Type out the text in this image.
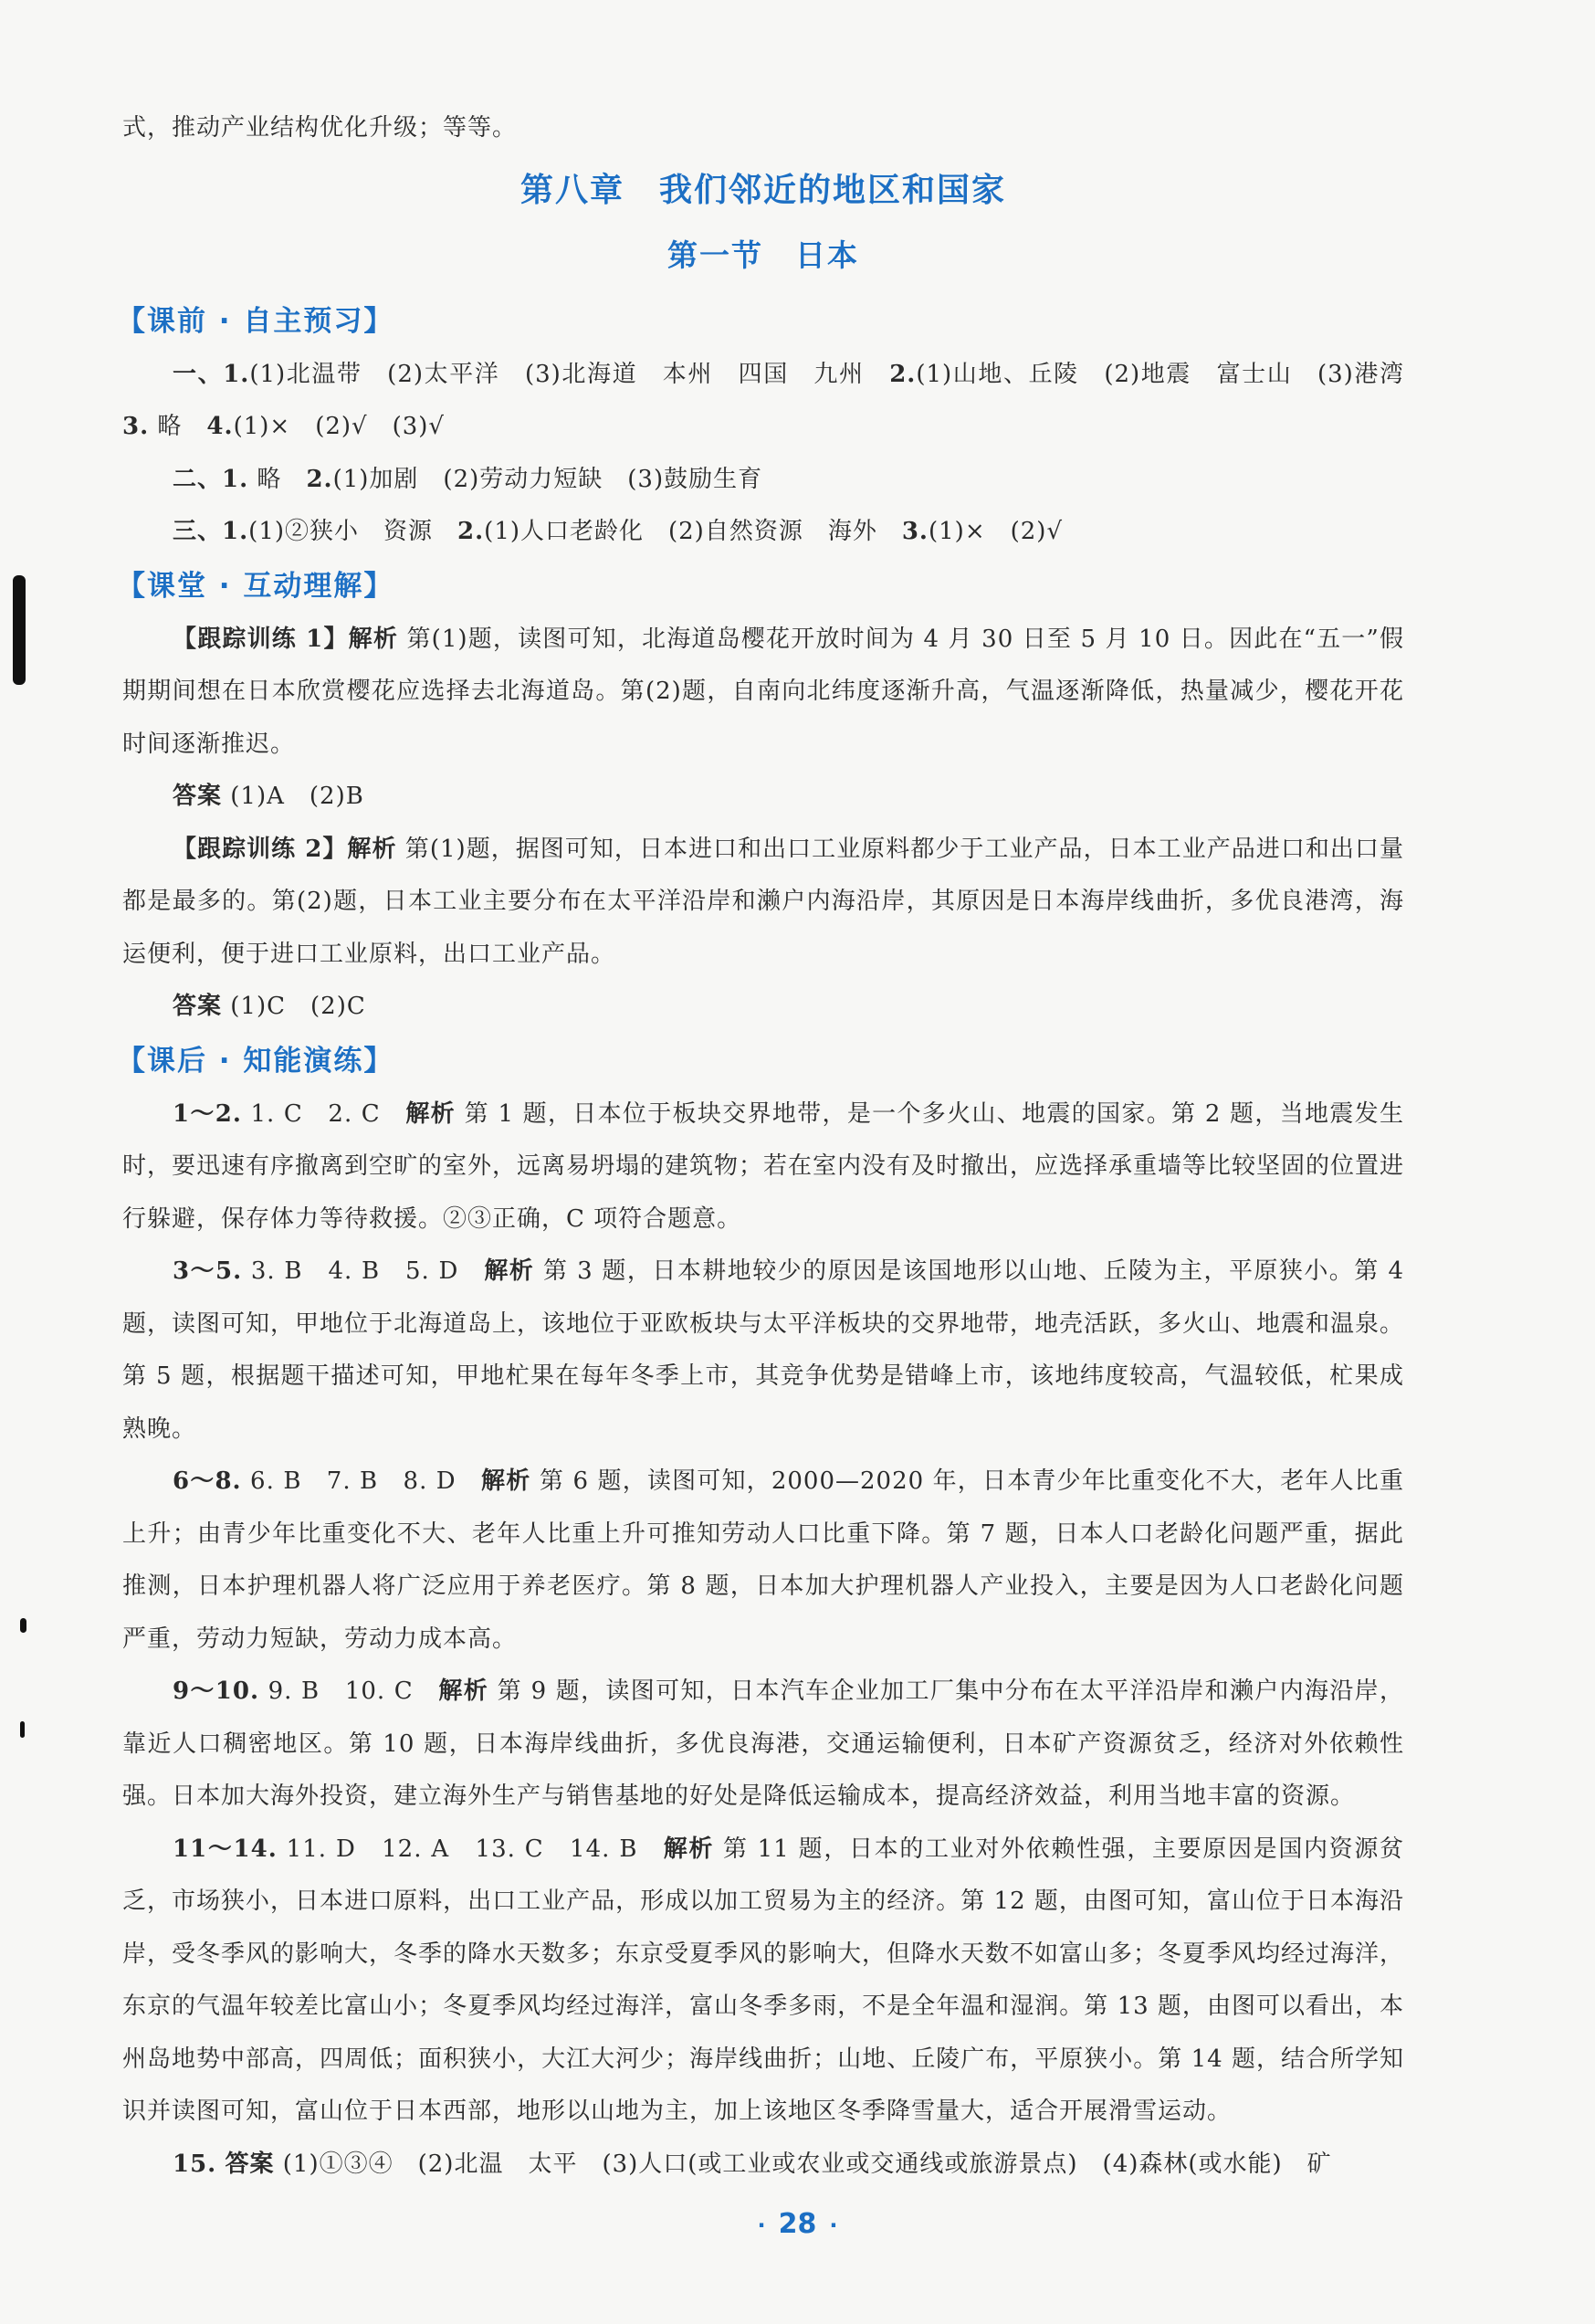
式，推动产业结构优化升级；等等。

第八章　我们邻近的地区和国家
第一节　日本
【课前 · 自主预习】

一、1.(1)北温带　(2)太平洋　(3)北海道　本州　四国　九州　2.(1)山地、丘陵　(2)地震　富士山　(3)港湾　3. 略　4.(1)×　(2)√　(3)√

二、1. 略　2.(1)加剧　(2)劳动力短缺　(3)鼓励生育

三、1.(1)②狭小　资源　2.(1)人口老龄化　(2)自然资源　海外　3.(1)×　(2)√

【课堂 · 互动理解】

【跟踪训练 1】解析 第(1)题，读图可知，北海道岛樱花开放时间为 4 月 30 日至 5 月 10 日。因此在“五一”假期期间想在日本欣赏樱花应选择去北海道岛。第(2)题，自南向北纬度逐渐升高，气温逐渐降低，热量减少，樱花开花时间逐渐推迟。

答案 (1)A　(2)B

【跟踪训练 2】解析 第(1)题，据图可知，日本进口和出口工业原料都少于工业产品，日本工业产品进口和出口量都是最多的。第(2)题，日本工业主要分布在太平洋沿岸和濑户内海沿岸，其原因是日本海岸线曲折，多优良港湾，海运便利，便于进口工业原料，出口工业产品。

答案 (1)C　(2)C

【课后 · 知能演练】

1～2. 1. C　2. C　解析 第 1 题，日本位于板块交界地带，是一个多火山、地震的国家。第 2 题，当地震发生时，要迅速有序撤离到空旷的室外，远离易坍塌的建筑物；若在室内没有及时撤出，应选择承重墙等比较坚固的位置进行躲避，保存体力等待救援。②③正确，C 项符合题意。

3～5. 3. B　4. B　5. D　解析 第 3 题，日本耕地较少的原因是该国地形以山地、丘陵为主，平原狭小。第 4 题，读图可知，甲地位于北海道岛上，该地位于亚欧板块与太平洋板块的交界地带，地壳活跃，多火山、地震和温泉。第 5 题，根据题干描述可知，甲地杧果在每年冬季上市，其竞争优势是错峰上市，该地纬度较高，气温较低，杧果成熟晚。

6～8. 6. B　7. B　8. D　解析 第 6 题，读图可知，2000—2020 年，日本青少年比重变化不大，老年人比重上升；由青少年比重变化不大、老年人比重上升可推知劳动人口比重下降。第 7 题，日本人口老龄化问题严重，据此推测，日本护理机器人将广泛应用于养老医疗。第 8 题，日本加大护理机器人产业投入，主要是因为人口老龄化问题严重，劳动力短缺，劳动力成本高。

9～10. 9. B　10. C　解析 第 9 题，读图可知，日本汽车企业加工厂集中分布在太平洋沿岸和濑户内海沿岸，靠近人口稠密地区。第 10 题，日本海岸线曲折，多优良海港，交通运输便利，日本矿产资源贫乏，经济对外依赖性强。日本加大海外投资，建立海外生产与销售基地的好处是降低运输成本，提高经济效益，利用当地丰富的资源。

11～14. 11. D　12. A　13. C　14. B　解析 第 11 题，日本的工业对外依赖性强，主要原因是国内资源贫乏，市场狭小，日本进口原料，出口工业产品，形成以加工贸易为主的经济。第 12 题，由图可知，富山位于日本海沿岸，受冬季风的影响大，冬季的降水天数多；东京受夏季风的影响大，但降水天数不如富山多；冬夏季风均经过海洋，东京的气温年较差比富山小；冬夏季风均经过海洋，富山冬季多雨，不是全年温和湿润。第 13 题，由图可以看出，本州岛地势中部高，四周低；面积狭小，大江大河少；海岸线曲折；山地、丘陵广布，平原狭小。第 14 题，结合所学知识并读图可知，富山位于日本西部，地形以山地为主，加上该地区冬季降雪量大，适合开展滑雪运动。

15. 答案 (1)①③④　(2)北温　太平　(3)人口(或工业或农业或交通线或旅游景点)　(4)森林(或水能)　矿

· 28 ·
